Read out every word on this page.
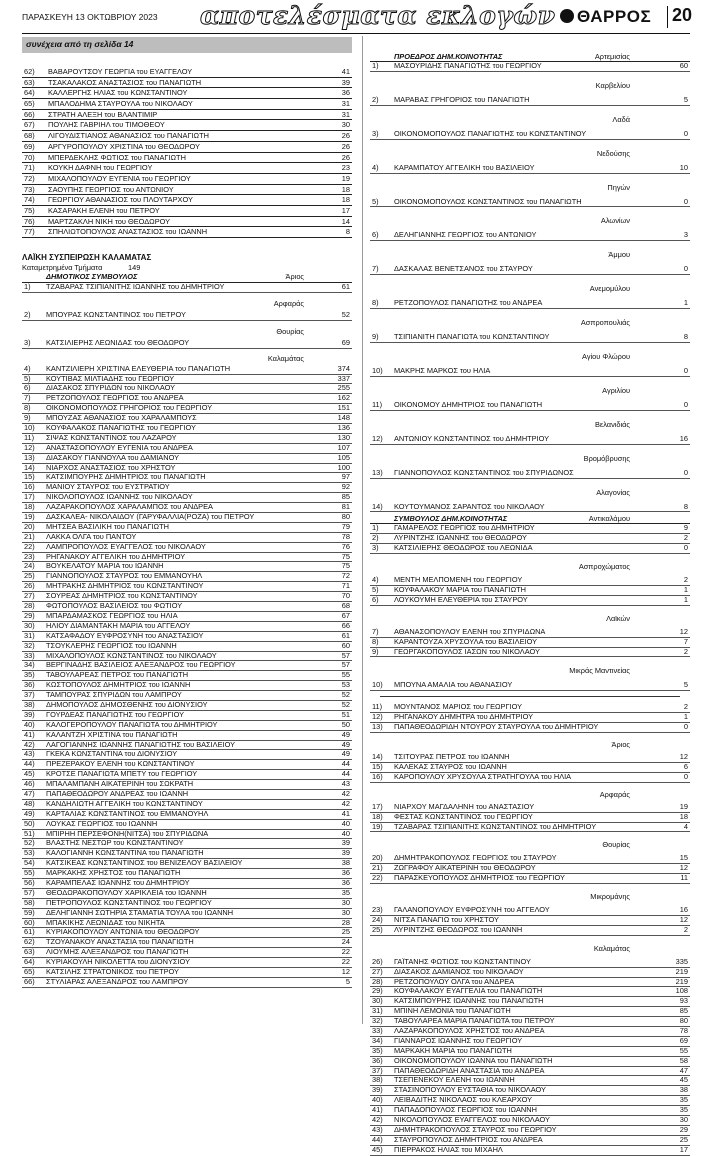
ΠΑΡΑΣΚΕΥΗ 13 ΟΚΤΩΒΡΙΟΥ 2023 αποτελέσματα εκλογών	ΘΑΡΡΟΣ 20
συνέχεια από τη σελίδα 14
62) ΒΑΒΑΡΟΥΤΣΟΥ ΓΕΩΡΓΙΑ του ΕΥΑΓΓΕΛΟΥ	41
63) ΤΣΑΚΑΛΑΚΟΣ ΑΝΑΣΤΑΣΙΟΣ του ΠΑΝΑΓΙΩΤΗ	39
64) ΚΑΛΛΕΡΓΗΣ ΗΛΙΑΣ του ΚΩΝΣΤΑΝΤΙΝΟΥ	36
65) ΜΠΑΛΟΔΗΜΑ ΣΤΑΥΡΟΥΛΑ του ΝΙΚΟΛΑΟΥ	31
66) ΣΤΡΑΤΗ ΑΛΕΞΗ του ΒΛΑΝΤΙΜΙΡ	31
67) ΠΟΥΛΗΣ ΓΑΒΡΙΗΛ του ΤΙΜΟΘΕΟΥ	30
68) ΛΙΓΟΥΔΙΣΤΙΑΝΟΣ ΑΘΑΝΑΣΙΟΣ του ΠΑΝΑΓΙΩΤΗ	26
69) ΑΡΓΥΡΟΠΟΥΛΟΥ ΧΡΙΣΤΙΝΑ του ΘΕΟΔΩΡΟΥ	26
70) ΜΠΕΡΔΕΚΛΗΣ ΦΩΤΙΟΣ του ΠΑΝΑΓΙΩΤΗ	26
71) ΚΟΥΚΗ ΔΑΦΝΗ του ΓΕΩΡΓΙΟΥ	23
72) ΜΙΧΑΛΟΠΟΥΛΟΥ ΕΥΓΕΝΙΑ του ΓΕΩΡΓΙΟΥ	19
73) ΣΑΟΥΠΗΣ ΓΕΩΡΓΙΟΣ του ΑΝΤΩΝΙΟΥ	18
74) ΓΕΩΡΓΙΟΥ ΑΘΑΝΑΣΙΟΣ του ΠΛΟΥΤΑΡΧΟΥ	18
75) ΚΑΣΑΡΑΚΗ ΕΛΕΝΗ του ΠΕΤΡΟΥ	17
76) ΜΑΡΤΖΑΚΛΗ ΝΙΚΗ του ΘΕΟΔΩΡΟΥ	14
77) ΣΠΗΛΙΩΤΟΠΟΥΛΟΣ ΑΝΑΣΤΑΣΙΟΣ του ΙΩΑΝΝΗ	8
ΛΑΪΚΗ ΣΥΣΠΕΙΡΩΣΗ ΚΑΛΑΜΑΤΑΣ
Καταμετρημένα Τμήματα	149
ΔΗΜΟΤΙΚΟΣ ΣΥΜΒΟΥΛΟΣ	Άριος
1) ΤΖΑΒΑΡΑΣ ΤΣΙΠΙΑΝΙΤΗΣ ΙΩΑΝΝΗΣ του ΔΗΜΗΤΡΙΟΥ	61
Αρφαράς
2) ΜΠΟΥΡΑΣ ΚΩΝΣΤΑΝΤΙΝΟΣ του ΠΕΤΡΟΥ	52
Θουρίας
3) ΚΑΤΣΙΛΙΕΡΗΣ ΛΕΩΝΙΔΑΣ του ΘΕΟΔΩΡΟΥ	69
Καλαμάτας
4) ΚΑΝΤΖΙΛΙΕΡΗ ΧΡΙΣΤΙΝΑ ΕΛΕΥΘΕΡΙΑ του ΠΑΝΑΓΙΩΤΗ	374
5) ΚΟΥΤΙΒΑΣ ΜΙΛΤΙΑΔΗΣ του ΓΕΩΡΓΙΟΥ	337
6) ΔΙΑΣΑΚΟΣ ΣΠΥΡΙΔΩΝ του ΝΙΚΟΛΑΟΥ	255
7) ΡΕΤΖΟΠΟΥΛΟΣ ΓΕΩΡΓΙΟΣ του ΑΝΔΡΕΑ	162
8) ΟΙΚΟΝΟΜΟΠΟΥΛΟΣ ΓΡΗΓΟΡΙΟΣ του ΓΕΩΡΓΙΟΥ	151
9) ΜΠΟΥΖΑΣ ΑΘΑΝΑΣΙΟΣ του ΧΑΡΑΛΑΜΠΟΥΣ	148
10) ΚΟΥΦΑΛΑΚΟΣ ΠΑΝΑΓΙΩΤΗΣ του ΓΕΩΡΓΙΟΥ	136
11) ΣΙΨΑΣ ΚΩΝΣΤΑΝΤΙΝΟΣ του ΛΑΖΑΡΟΥ	130
12) ΑΝΑΣΤΑΣΟΠΟΥΛΟΥ ΕΥΓΕΝΙΑ του ΑΝΔΡΕΑ	107
13) ΔΙΑΣΑΚΟΥ ΓΙΑΝΝΟΥΛΑ του ΔΑΜΙΑΝΟΥ	105
14) ΝΙΑΡΧΟΣ ΑΝΑΣΤΑΣΙΟΣ του ΧΡΗΣΤΟΥ	100
15) ΚΑΤΣΙΜΠΟΥΡΗΣ ΔΗΜΗΤΡΙΟΣ του ΠΑΝΑΓΙΩΤΗ	97
16) ΜΑΝΙΟΥ ΣΤΑΥΡΟΣ του ΕΥΣΤΡΑΤΙΟΥ	92
17) ΝΙΚΟΛΟΠΟΥΛΟΣ ΙΩΑΝΝΗΣ του ΝΙΚΟΛΑΟΥ	85
18) ΛΑΖΑΡΑΚΟΠΟΥΛΟΣ ΧΑΡΑΛΑΜΠΟΣ του ΑΝΔΡΕΑ	81
19) ΔΑΣΚΑΛΕΑ- ΝΙΚΟΛΑΙΔΟΥ (ΓΑΡΥΦΑΛΛΙΑ(ΡΟΖΑ) του ΠΕΤΡΟΥ	80
20) ΜΗΤΣΕΑ ΒΑΣΙΛΙΚΗ του ΠΑΝΑΓΙΩΤΗ	79
21) ΛΑΚΚΑ ΟΛΓΑ του ΠΑΝΤΟΥ	78
22) ΛΑΜΠΡΟΠΟΥΛΟΣ ΕΥΑΓΓΕΛΟΣ του ΝΙΚΟΛΑΟΥ	76
23) ΡΗΓΑΝΑΚΟΥ ΑΓΓΕΛΙΚΗ του ΔΗΜΗΤΡΙΟΥ	75
24) ΒΟΥΚΕΛΑΤΟΥ ΜΑΡΙΑ του ΙΩΑΝΝΗ	75
25) ΓΙΑΝΝΟΠΟΥΛΟΣ ΣΤΑΥΡΟΣ του ΕΜΜΑΝΟΥΗΛ	72
26) ΜΗΤΡΑΚΗΣ ΔΗΜΗΤΡΙΟΣ του ΚΩΝΣΤΑΝΤΙΝΟΥ	71
27) ΣΟΥΡΕΑΣ ΔΗΜΗΤΡΙΟΣ του ΚΩΝΣΤΑΝΤΙΝΟΥ	70
28) ΦΩΤΟΠΟΥΛΟΣ ΒΑΣΙΛΕΙΟΣ του ΦΩΤΙΟΥ	68
29) ΜΠΑΡΔΑΜΑΣΚΟΣ ΓΕΩΡΓΙΟΣ του ΗΛΙΑ	67
30) ΗΛΙΟΥ ΔΙΑΜΑΝΤΑΚΗ ΜΑΡΙΑ του ΑΓΓΕΛΟΥ	66
31) ΚΑΤΣΑΦΑΔΟΥ ΕΥΦΡΟΣΥΝΗ του ΑΝΑΣΤΑΣΙΟΥ	61
32) ΤΣΟΥΚΛΕΡΗΣ ΓΕΩΡΓΙΟΣ του ΙΩΑΝΝΗ	60
33) ΜΙΧΑΛΟΠΟΥΛΟΣ ΚΩΝΣΤΑΝΤΙΝΟΣ του ΝΙΚΟΛΑΟΥ	57
34) ΒΕΡΓΙΝΑΔΗΣ ΒΑΣΙΛΕΙΟΣ ΑΛΕΞΑΝΔΡΟΣ του ΓΕΩΡΓΙΟΥ	57
35) ΤΑΒΟΥΛΑΡΕΑΣ ΠΕΤΡΟΣ του ΠΑΝΑΓΙΩΤΗ	55
36) ΚΩΣΤΟΠΟΥΛΟΣ ΔΗΜΗΤΡΙΟΣ του ΙΩΑΝΝΗ	53
37) ΤΑΜΠΟΥΡΑΣ ΣΠΥΡΙΔΩΝ του ΛΑΜΠΡΟΥ	52
38) ΔΗΜΟΠΟΥΛΟΣ ΔΗΜΟΣΘΕΝΗΣ του ΔΙΟΝΥΣΙΟΥ	52
39) ΓΟΥΡΔΕΑΣ ΠΑΝΑΓΙΩΤΗΣ του ΓΕΩΡΓΙΟΥ	51
40) ΚΑΛΟΓΕΡΟΠΟΥΛΟΥ ΠΑΝΑΓΙΩΤΑ του ΔΗΜΗΤΡΙΟΥ	50
41) ΚΑΛΑΝΤΖΗ ΧΡΙΣΤΙΝΑ του ΠΑΝΑΓΙΩΤΗ	49
42) ΛΑΓΟΓΙΑΝΝΗΣ ΙΩΑΝΝΗΣ ΠΑΝΑΓΙΩΤΗΣ του ΒΑΣΙΛΕΙΟΥ	49
43) ΓΚΕΚΑ ΚΩΝΣΤΑΝΤΙΝΑ του ΔΙΟΝΥΣΙΟΥ	49
44) ΠΡΕΖΕΡΑΚΟΥ ΕΛΕΝΗ του ΚΩΝΣΤΑΝΤΙΝΟΥ	44
45) ΚΡΟΤΣΕ ΠΑΝΑΓΙΩΤΑ ΜΠΕΤΥ του ΓΕΩΡΓΙΟΥ	44
46) ΜΠΑΛΑΜΠΑΝΗ ΑΙΚΑΤΕΡΙΝΗ του ΣΩΚΡΑΤΗ	43
47) ΠΑΠΑΘΕΟΔΩΡΟΥ ΑΝΔΡΕΑΣ του ΙΩΑΝΝΗ	42
48) ΚΑΝΔΗΛΙΩΤΗ ΑΓΓΕΛΙΚΗ του ΚΩΝΣΤΑΝΤΙΝΟΥ	42
49) ΚΑΡΤΑΛΙΑΣ ΚΩΝΣΤΑΝΤΙΝΟΣ του ΕΜΜΑΝΟΥΗΛ	41
50) ΛΟΥΚΑΣ ΓΕΩΡΓΙΟΣ του ΙΩΑΝΝΗ	40
51) ΜΠΙΡΗΗ ΠΕΡΣΕΦΟΝΗ(ΝΙΤΣΑ) του ΣΠΥΡΙΔΩΝΑ	40
52) ΒΛΑΣΤΗΣ ΝΕΣΤΩΡ του ΚΩΝΣΤΑΝΤΙΝΟΥ	39
53) ΚΑΛΟΓΙΑΝΝΗ ΚΩΝΣΤΑΝΤΙΝΑ του ΠΑΝΑΓΙΩΤΗ	39
54) ΚΑΤΣΙΚΕΑΣ ΚΩΝΣΤΑΝΤΙΝΟΣ του ΒΕΝΙΖΕΛΟΥ ΒΑΣΙΛΕΙΟΥ	38
55) ΜΑΡΚΑΚΗΣ ΧΡΗΣΤΟΣ του ΠΑΝΑΓΙΩΤΗ	36
56) ΚΑΡΑΜΠΕΛΑΣ ΙΩΑΝΝΗΣ του ΔΗΜΗΤΡΙΟΥ	36
57) ΘΕΟΔΩΡΑΚΟΠΟΥΛΟΥ ΧΑΡΙΚΛΕΙΑ του ΙΩΑΝΝΗ	35
58) ΠΕΤΡΟΠΟΥΛΟΣ ΚΩΝΣΤΑΝΤΙΝΟΣ του ΓΕΩΡΓΙΟΥ	30
59) ΔΕΛΗΓΙΑΝΝΗ ΣΩΤΗΡΙΑ ΣΤΑΜΑΤΙΑ ΤΟΥΛΑ του ΙΩΑΝΝΗ	30
60) ΜΠΑΚΙΚΗΣ ΛΕΩΝΙΔΑΣ του ΝΙΚΗΤΑ	28
61) ΚΥΡΙΑΚΟΠΟΥΛΟΥ ΑΝΤΩΝΙΑ του ΘΕΟΔΩΡΟΥ	25
62) ΤΖΟΥΑΝΑΚΟΥ ΑΝΑΣΤΑΣΙΑ του ΠΑΝΑΓΙΩΤΗ	24
63) ΛΙΟΥΜΗΣ ΑΛΕΞΑΝΔΡΟΣ του ΠΑΝΑΓΙΩΤΗ	22
64) ΚΥΡΙΑΚΟΥΛΗ ΝΙΚΟΛΕΤΤΑ του ΔΙΟΝΥΣΙΟΥ	22
65) ΚΑΤΣΙΛΗΣ ΣΤΡΑΤΟΝΙΚΟΣ του ΠΕΤΡΟΥ	12
66) ΣΤΥΛΙΑΡΑΣ ΑΛΕΞΑΝΔΡΟΣ του ΛΑΜΠΡΟΥ	5
ΠΡΟΕΔΡΟΣ ΔΗΜ.ΚΟΙΝΟΤΗΤΑΣ	Αρτεμισίας
1) ΜΑΣΟΥΡΙΔΗΣ ΠΑΝΑΓΙΩΤΗΣ του ΓΕΩΡΓΙΟΥ	60
Καρβελίου
2) ΜΑΡΑΒΑΣ ΓΡΗΓΟΡΙΟΣ του ΠΑΝΑΓΙΩΤΗ	5
Λαδά
3) ΟΙΚΟΝΟΜΟΠΟΥΛΟΣ ΠΑΝΑΓΙΩΤΗΣ του ΚΩΝΣΤΑΝΤΙΝΟΥ	0
Νεδούσης
4) ΚΑΡΑΜΠΑΤΟΥ ΑΓΓΕΛΙΚΗ του ΒΑΣΙΛΕΙΟΥ	10
Πηγών
5) ΟΙΚΟΝΟΜΟΠΟΥΛΟΣ ΚΩΝΣΤΑΝΤΙΝΟΣ του ΠΑΝΑΓΙΩΤΗ	0
Αλωνίων
6) ΔΕΛΗΓΙΑΝΝΗΣ ΓΕΩΡΓΙΟΣ του ΑΝΤΩΝΙΟΥ	3
Άμμου
7) ΔΑΣΚΑΛΑΣ ΒΕΝΕΤΣΑΝΟΣ του ΣΤΑΥΡΟΥ	0
Ανεμομύλου
8) ΡΕΤΖΟΠΟΥΛΟΣ ΠΑΝΑΓΙΩΤΗΣ του ΑΝΔΡΕΑ	1
Ασπροπουλιάς
9) ΤΣΙΠΙΑΝΙΤΗ ΠΑΝΑΓΙΩΤΑ του ΚΩΝΣΤΑΝΤΙΝΟΥ	8
Αγίου Φλώρου
10) ΜΑΚΡΗΣ ΜΑΡΚΟΣ του ΗΛΙΑ	0
Αγριλίου
11) ΟΙΚΟΝΟΜΟΥ ΔΗΜΗΤΡΙΟΣ του ΠΑΝΑΓΙΩΤΗ	0
Βελανιδιάς
12) ΑΝΤΩΝΙΟΥ ΚΩΝΣΤΑΝΤΙΝΟΣ του ΔΗΜΗΤΡΙΟΥ	16
Βρομόβρυσης
13) ΓΙΑΝΝΟΠΟΥΛΟΣ ΚΩΝΣΤΑΝΤΙΝΟΣ του ΣΠΥΡΙΔΩΝΟΣ	0
Αλαγονίας
14) ΚΟΥΤΟΥΜΑΝΟΣ ΣΑΡΑΝΤΟΣ του ΝΙΚΟΛΑΟΥ	8
ΣΥΜΒΟΥΛΟΣ ΔΗΜ.ΚΟΙΝΟΤΗΤΑΣ	Αντικαλάμου
1) ΓΑΜΑΡΕΛΟΣ ΓΕΩΡΓΙΟΣ του ΔΗΜΗΤΡΙΟΥ	9
2) ΛΥΡΙΝΤΖΗΣ ΙΩΑΝΝΗΣ του ΘΕΟΔΩΡΟΥ	2
3) ΚΑΤΣΙΛΙΕΡΗΣ ΘΕΟΔΩΡΟΣ του ΛΕΩΝΙΔΑ	0
Ασπροχώματος
4) ΜΕΝΤΗ ΜΕΛΠΟΜΕΝΗ του ΓΕΩΡΓΙΟΥ	2
5) ΚΟΥΦΑΛΑΚΟΥ ΜΑΡΙΑ του ΠΑΝΑΓΙΩΤΗ	1
6) ΛΟΥΚΟΥΜΗ ΕΛΕΥΘΕΡΙΑ του ΣΤΑΥΡΟΥ	1
Λαϊκών
7) ΑΘΑΝΑΣΟΠΟΥΛΟΥ ΕΛΕΝΗ του ΣΠΥΡΙΔΩΝΑ	12
8) ΚΑΡΑΝΤΟΥΖΑ ΧΡΥΣΟΥΛΑ του ΒΑΣΙΛΕΙΟΥ	7
9) ΓΕΩΡΓΑΚΟΠΟΥΛΟΣ ΙΑΣΩΝ του ΝΙΚΟΛΑΟΥ	2
Μικράς Μαντινείας
10) ΜΠΟΥΝΑ ΑΜΑΛΙΑ του ΑΘΑΝΑΣΙΟΥ	5
11) ΜΟΥΝΤΑΝΟΣ ΜΑΡΙΟΣ του ΓΕΩΡΓΙΟΥ	2
12) ΡΗΓΑΝΑΚΟΥ ΔΗΜΗΤΡΑ του ΔΗΜΗΤΡΙΟΥ	1
13) ΠΑΠΑΘΕΟΔΩΡΙΔΗ ΝΤΟΥΡΟΥ ΣΤΑΥΡΟΥΛΑ του ΔΗΜΗΤΡΙΟΥ	0
Άριος
14) ΤΣΙΤΟΥΡΑΣ ΠΕΤΡΟΣ του ΙΩΑΝΝΗ	12
15) ΚΑΛΕΚΑΣ ΣΤΑΥΡΟΣ του ΙΩΑΝΝΗ	6
16) ΚΑΡΟΠΟΥΛΟΥ ΧΡΥΣΟΥΛΑ ΣΤΡΑΤΗΓΟΥΛΑ του ΗΛΙΑ	0
Αρφαράς
17) ΝΙΑΡΧΟΥ ΜΑΓΔΑΛΗΝΗ του ΑΝΑΣΤΑΣΙΟΥ	19
18) ΦΕΣΤΑΣ ΚΩΝΣΤΑΝΤΙΝΟΣ του ΓΕΩΡΓΙΟΥ	18
19) ΤΖΑΒΑΡΑΣ ΤΣΙΠΙΑΝΙΤΗΣ ΚΩΝΣΤΑΝΤΙΝΟΣ του ΔΗΜΗΤΡΙΟΥ	4
Θουρίας
20) ΔΗΜΗΤΡΑΚΟΠΟΥΛΟΣ ΓΕΩΡΓΙΟΣ του ΣΤΑΥΡΟΥ	15
21) ΖΩΓΡΑΦΟΥ ΑΙΚΑΤΕΡΙΝΗ του ΘΕΟΔΩΡΟΥ	12
22) ΠΑΡΑΣΚΕΥΟΠΟΥΛΟΣ ΔΗΜΗΤΡΙΟΣ του ΓΕΩΡΓΙΟΥ	11
Μικρομάνης
23) ΓΑΛΑΝΟΠΟΥΛΟΥ ΕΥΦΡΟΣΥΝΗ του ΑΓΓΕΛΟΥ	16
24) ΝΙΤΣΑ ΠΑΝΑΓΙΩ του ΧΡΗΣΤΟΥ	12
25) ΛΥΡΙΝΤΖΗΣ ΘΕΟΔΩΡΟΣ του ΙΩΑΝΝΗ	2
Καλαμάτας
26) ΓΑΪΤΑΝΗΣ ΦΩΤΙΟΣ του ΚΩΝΣΤΑΝΤΙΝΟΥ	335
27) ΔΙΑΣΑΚΟΣ ΔΑΜΙΑΝΟΣ του ΝΙΚΟΛΑΟΥ	219
28) ΡΕΤΖΟΠΟΥΛΟΥ ΟΛΓΑ του ΑΝΔΡΕΑ	219
29) ΚΟΥΦΑΛΑΚΟΥ ΕΥΑΓΓΕΛΙΑ του ΠΑΝΑΓΙΩΤΗ	108
30) ΚΑΤΣΙΜΠΟΥΡΗΣ ΙΩΑΝΝΗΣ του ΠΑΝΑΓΙΩΤΗ	93
31) ΜΠΙΝΗ ΛΕΜΟΝΙΑ του ΠΑΝΑΓΙΩΤΗ	85
32) ΤΑΒΟΥΛΑΡΕΑ ΜΑΡΙΑ ΠΑΝΑΓΙΩΤΑ του ΠΕΤΡΟΥ	80
33) ΛΑΖΑΡΑΚΟΠΟΥΛΟΣ ΧΡΗΣΤΟΣ του ΑΝΔΡΕΑ	78
34) ΓΙΑΝΝΑΡΟΣ ΙΩΑΝΝΗΣ του ΓΕΩΡΓΙΟΥ	69
35) ΜΑΡΚΑΚΗ ΜΑΡΙΑ του ΠΑΝΑΓΙΩΤΗ	55
36) ΟΙΚΟΝΟΜΟΠΟΥΛΟΥ ΙΩΑΝΝΑ του ΠΑΝΑΓΙΩΤΗ	58
37) ΠΑΠΑΘΕΟΔΩΡΙΔΗ ΑΝΑΣΤΑΣΙΑ του ΑΝΔΡΕΑ	47
38) ΤΣΕΠΕΝΕΚΟΥ ΕΛΕΝΗ του ΙΩΑΝΝΗ	45
39) ΣΤΑΣΙΝΟΠΟΥΛΟΥ ΕΥΣΤΑΘΙΑ του ΝΙΚΟΛΑΟΥ	38
40) ΛΕΙΒΑΔΙΤΗΣ ΝΙΚΟΛΑΟΣ του ΚΛΕΑΡΧΟΥ	35
41) ΠΑΠΑΔΟΠΟΥΛΟΣ ΓΕΩΡΓΙΟΣ του ΙΩΑΝΝΗ	35
42) ΝΙΚΟΛΟΠΟΥΛΟΣ ΕΥΑΓΓΕΛΟΣ του ΝΙΚΟΛΑΟΥ	30
43) ΔΗΜΗΤΡΑΚΟΠΟΥΛΟΣ ΣΤΑΥΡΟΣ του ΓΕΩΡΓΙΟΥ	29
44) ΣΤΑΥΡΟΠΟΥΛΟΣ ΔΗΜΗΤΡΙΟΣ του ΑΝΔΡΕΑ	25
45) ΠΙΕΡΡΑΚΟΣ ΗΛΙΑΣ του ΜΙΧΑΗΛ	17
